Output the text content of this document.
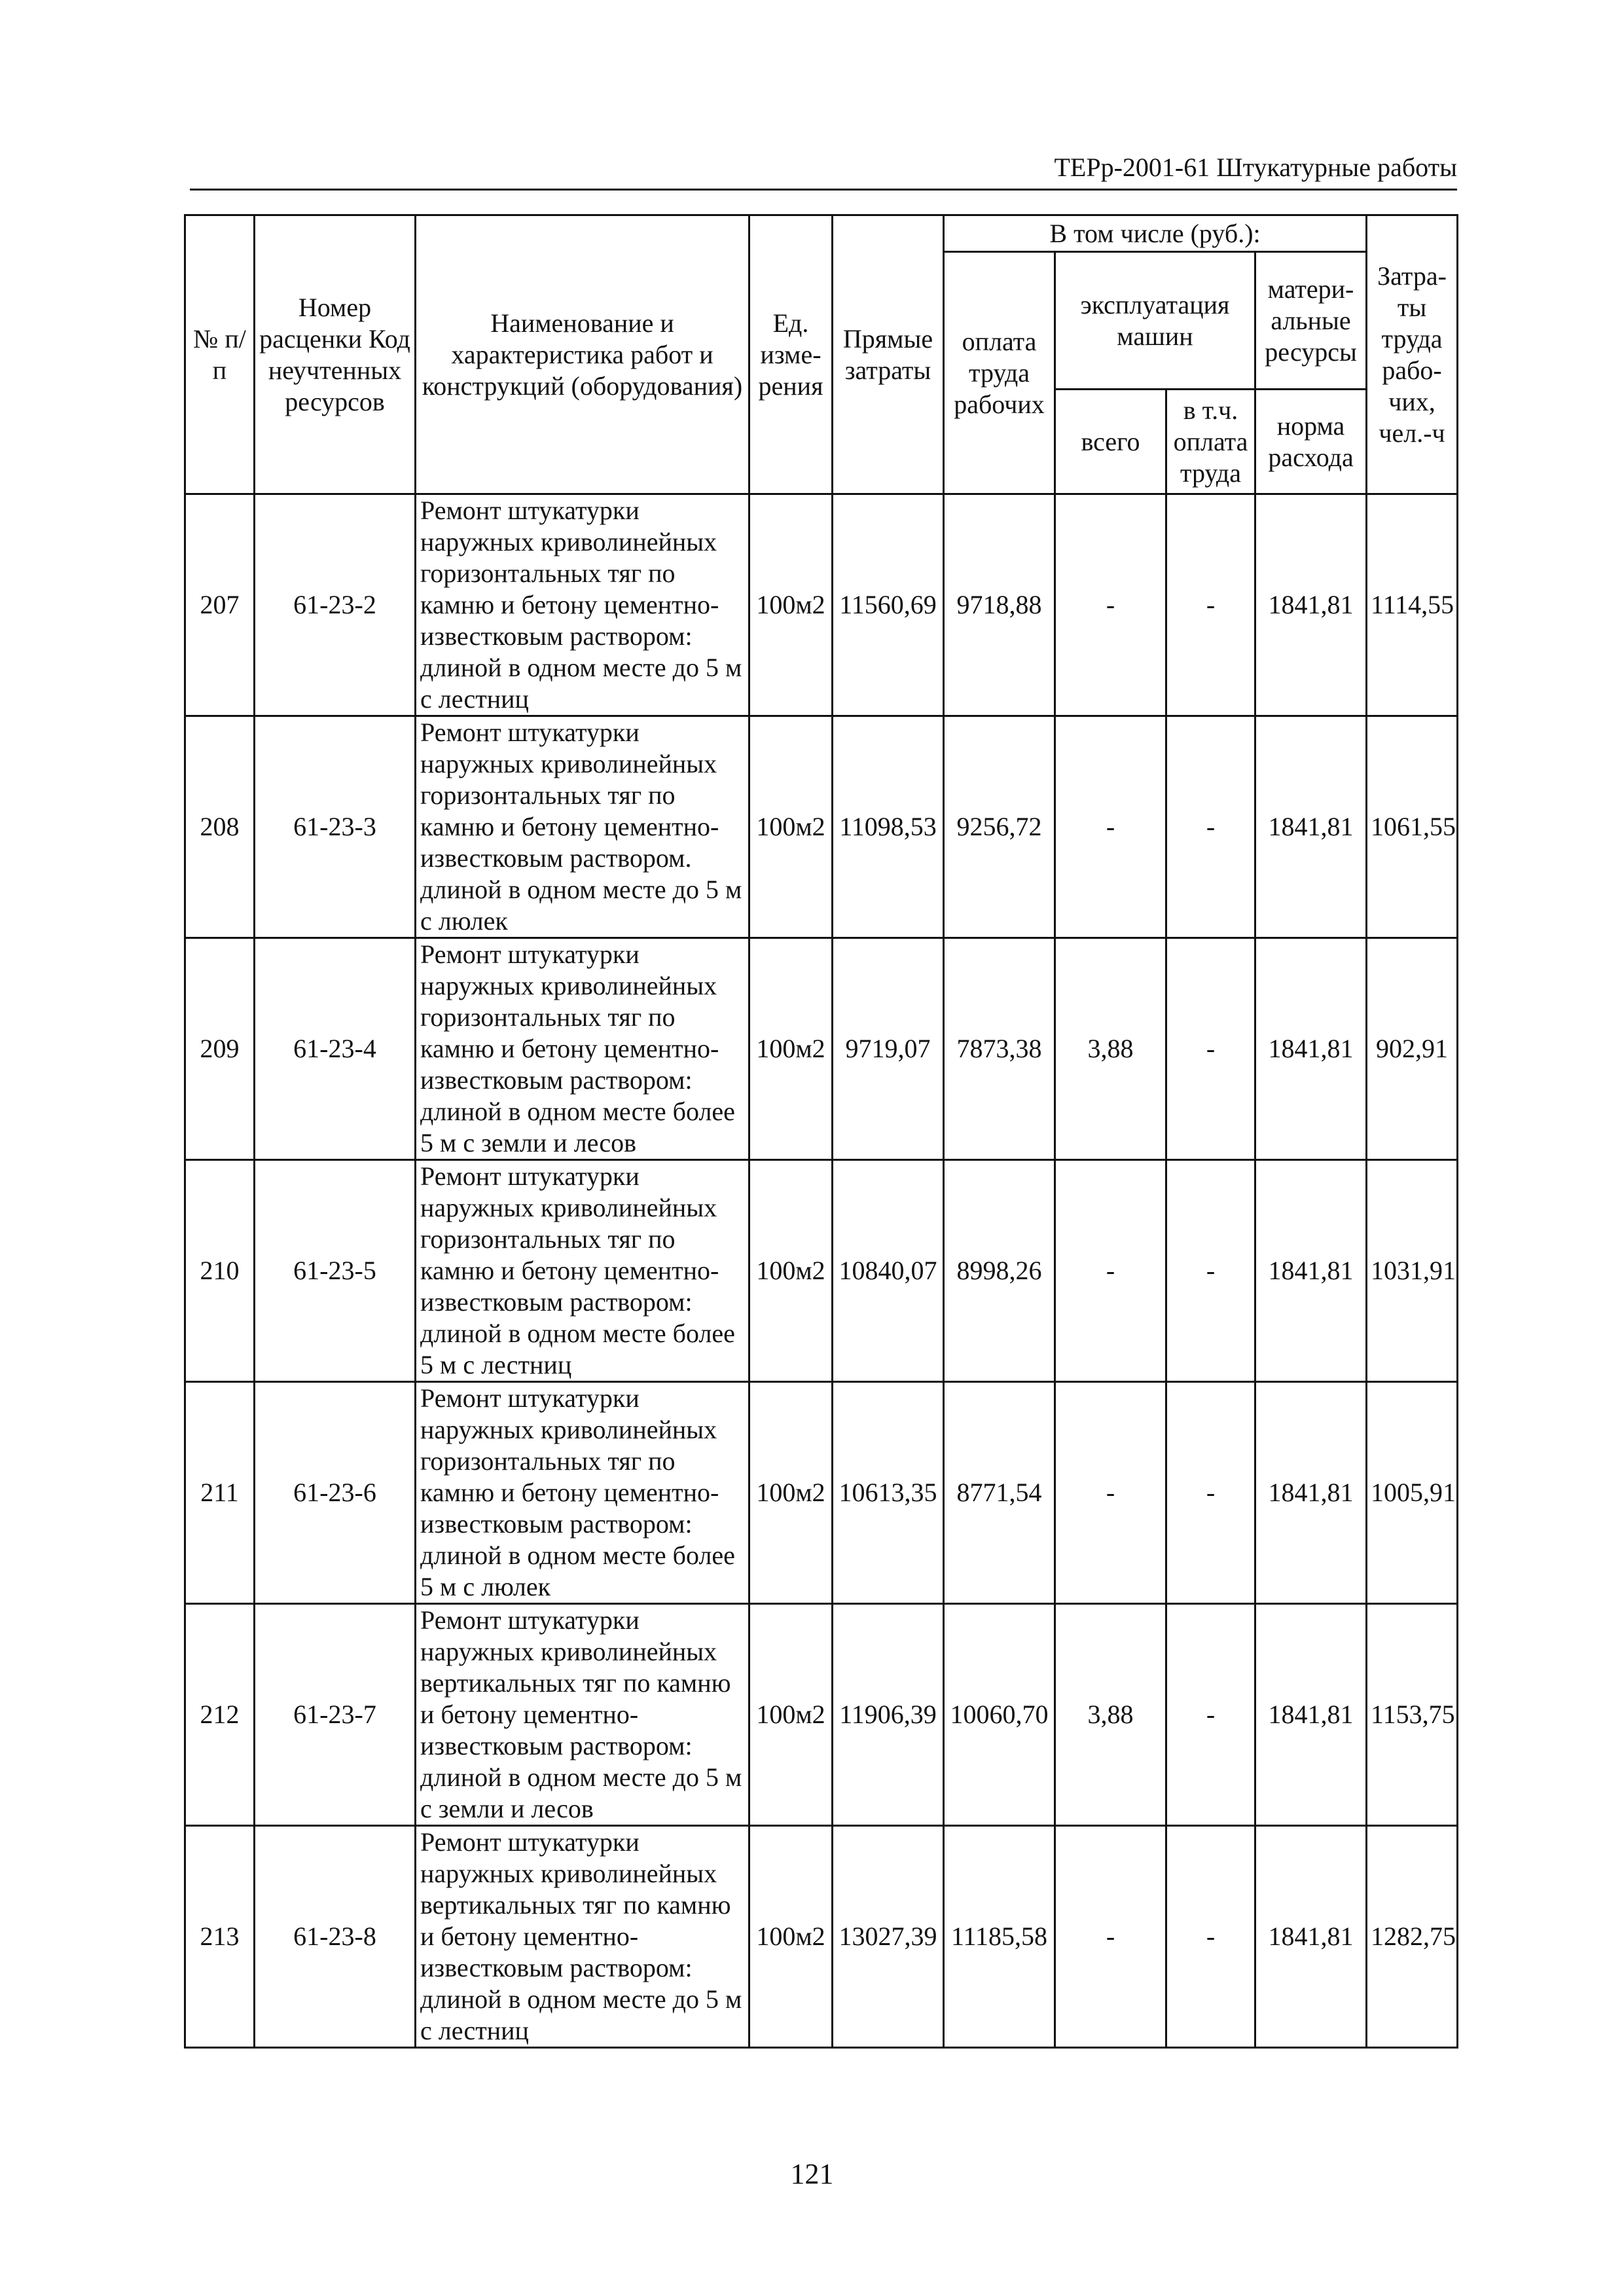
ТЕРр-2001-61 Штукатурные работы
№ п/п	Номер расценки Код неучтенных ресурсов	Наименование и характеристика работ и конструкций (оборудования)	Ед. изме-рения	Прямые затраты	В том числе (руб.):				Затра-ты труда рабо-чих, чел.-ч
					оплата труда рабочих	эксплуатация машин		матери-альные ресурсы	
						всего	в т.ч. оплата труда	норма расхода	
207	61-23-2	Ремонт штукатурки наружных криволинейных горизонтальных тяг по камню и бетону цементно-известковым раствором: длиной в одном месте до 5 м с лестниц	100м2	11560,69	9718,88	-	-	1841,81	1114,55
208	61-23-3	Ремонт штукатурки наружных криволинейных горизонтальных тяг по камню и бетону цементно-известковым раствором. длиной в одном месте до 5 м с люлек	100м2	11098,53	9256,72	-	-	1841,81	1061,55
209	61-23-4	Ремонт штукатурки наружных криволинейных горизонтальных тяг по камню и бетону цементно-известковым раствором: длиной в одном месте более 5 м с земли и лесов	100м2	9719,07	7873,38	3,88	-	1841,81	902,91
210	61-23-5	Ремонт штукатурки наружных криволинейных горизонтальных тяг по камню и бетону цементно-известковым раствором: длиной в одном месте более 5 м с лестниц	100м2	10840,07	8998,26	-	-	1841,81	1031,91
211	61-23-6	Ремонт штукатурки наружных криволинейных горизонтальных тяг по камню и бетону цементно-известковым раствором: длиной в одном месте более 5 м с люлек	100м2	10613,35	8771,54	-	-	1841,81	1005,91
212	61-23-7	Ремонт штукатурки наружных криволинейных вертикальных тяг по камню и бетону цементно-известковым раствором: длиной в одном месте до 5 м с земли и лесов	100м2	11906,39	10060,70	3,88	-	1841,81	1153,75
213	61-23-8	Ремонт штукатурки наружных криволинейных вертикальных тяг по камню и бетону цементно-известковым раствором: длиной в одном месте до 5 м с лестниц	100м2	13027,39	11185,58	-	-	1841,81	1282,75
121
